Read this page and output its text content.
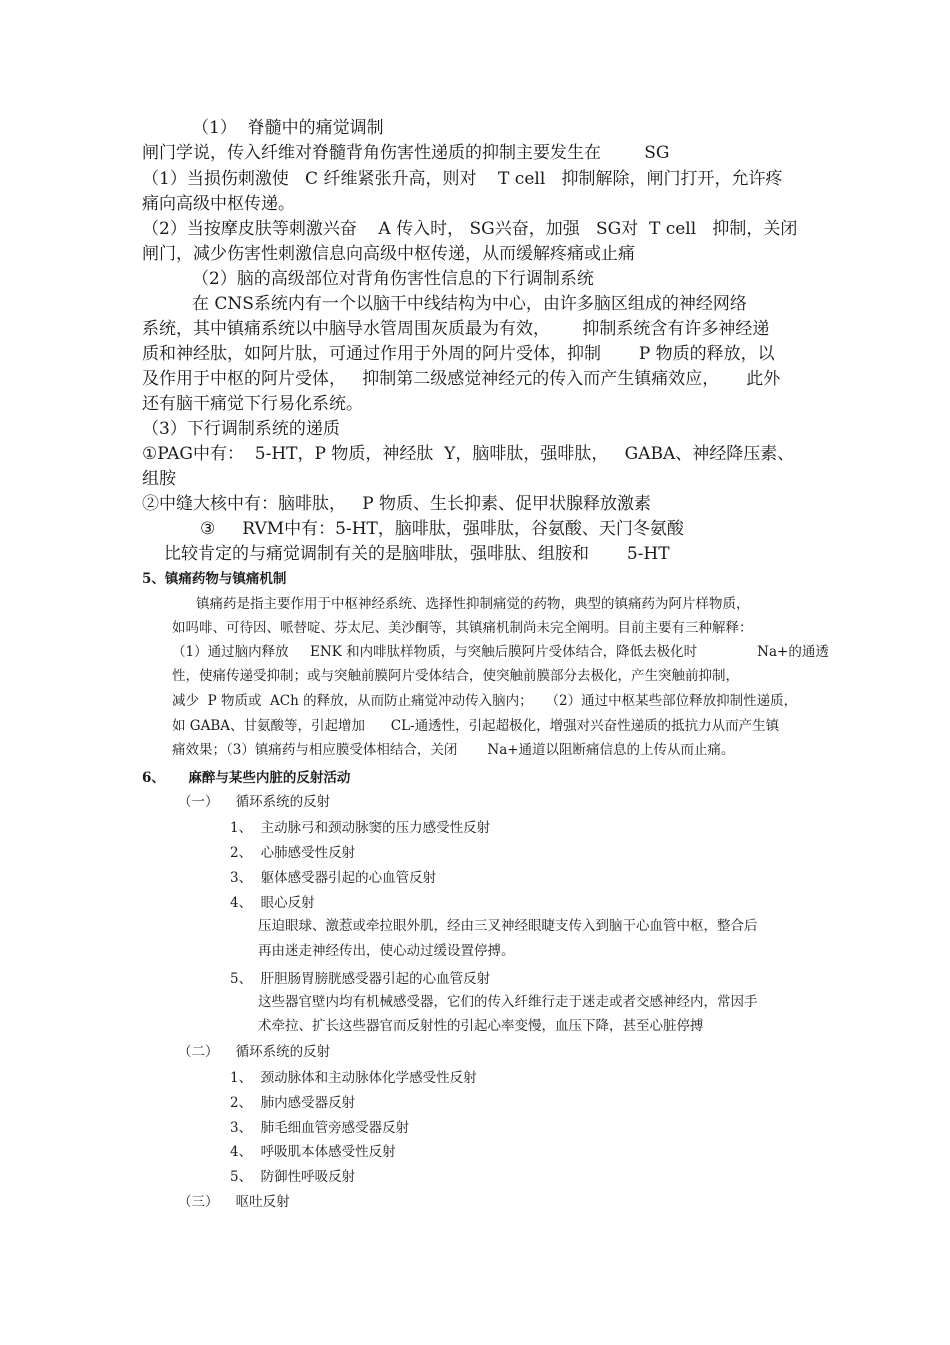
（1）  脊髓中的痛觉调制
闸门学说，传入纤维对脊髓背角伤害性递质的抑制主要发生在        SG
（1）当损伤刺激使   C 纤维紧张升高，则对    T cell   抑制解除，闸门打开，允许疼
痛向高级中枢传递。
（2）当按摩皮肤等刺激兴奋    A 传入时， SG兴奋，加强   SG对  T cell   抑制，关闭
闸门，减少伤害性刺激信息向高级中枢传递，从而缓解疼痛或止痛
（2）脑的高级部位对背角伤害性信息的下行调制系统
在 CNS系统内有一个以脑干中线结构为中心，由许多脑区组成的神经网络
系统，其中镇痛系统以中脑导水管周围灰质最为有效，      抑制系统含有许多神经递
质和神经肽，如阿片肽，可通过作用于外周的阿片受体，抑制       P 物质的释放，以
及作用于中枢的阿片受体，   抑制第二级感觉神经元的传入而产生镇痛效应，     此外
还有脑干痛觉下行易化系统。
（3）下行调制系统的递质
①PAG中有：  5-HT，P 物质，神经肽  Y，脑啡肽，强啡肽，   GABA、神经降压素、
组胺
②中缝大核中有：脑啡肽，   P 物质、生长抑素、促甲状腺释放激素
③     RVM中有：5-HT，脑啡肽，强啡肽，谷氨酸、天门冬氨酸
比较肯定的与痛觉调制有关的是脑啡肽，强啡肽、组胺和       5-HT
5、镇痛药物与镇痛机制
镇痛药是指主要作用于中枢神经系统、选择性抑制痛觉的药物，典型的镇痛药为阿片样物质，
如吗啡、可待因、哌替啶、芬太尼、美沙酮等，其镇痛机制尚未完全阐明。目前主要有三种解释：
（1）通过脑内释放     ENK 和内啡肽样物质，与突触后膜阿片受体结合，降低去极化时              Na+的通透
性，使痛传递受抑制；或与突触前膜阿片受体结合，使突触前膜部分去极化，产生突触前抑制，
减少  P 物质或  ACh 的释放，从而防止痛觉冲动传入脑内；   （2）通过中枢某些部位释放抑制性递质，
如 GABA、甘氨酸等，引起增加      CL-通透性，引起超极化，增强对兴奋性递质的抵抗力从而产生镇
痛效果；（3）镇痛药与相应膜受体相结合，关闭       Na+通道以阻断痛信息的上传从而止痛。
6、     麻醉与某些内脏的反射活动
（一）    循环系统的反射
1、  主动脉弓和颈动脉窦的压力感受性反射
2、  心肺感受性反射
3、  躯体感受器引起的心血管反射
4、  眼心反射
压迫眼球、激惹或牵拉眼外肌，经由三叉神经眼睫支传入到脑干心血管中枢，整合后
再由迷走神经传出，使心动过缓设置停搏。
5、  肝胆肠胃膀胱感受器引起的心血管反射
这些器官壁内均有机械感受器，它们的传入纤维行走于迷走或者交感神经内，常因手
术牵拉、扩长这些器官而反射性的引起心率变慢，血压下降，甚至心脏停搏
（二）    循环系统的反射
1、  颈动脉体和主动脉体化学感受性反射
2、  肺内感受器反射
3、  肺毛细血管旁感受器反射
4、  呼吸肌本体感受性反射
5、  防御性呼吸反射
（三）    呕吐反射
